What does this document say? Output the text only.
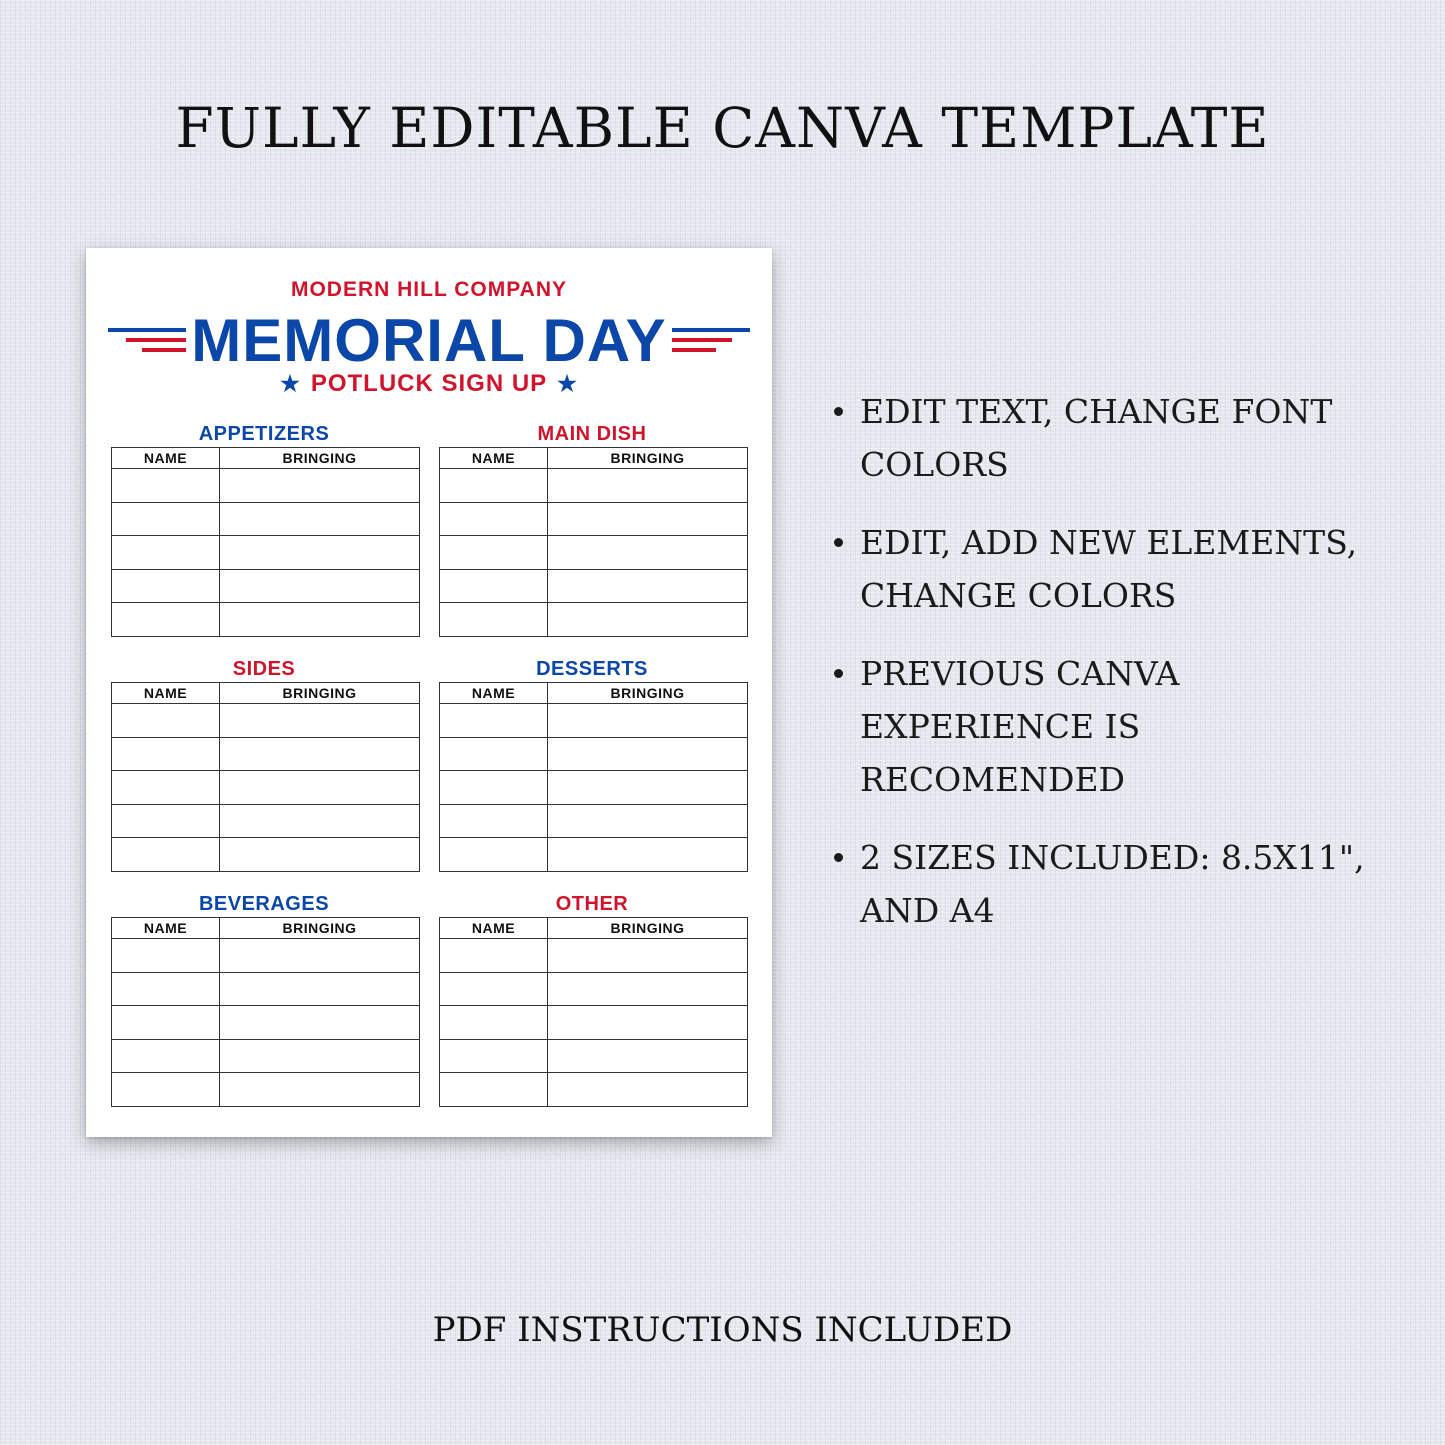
FULLY EDITABLE CANVA TEMPLATE

MODERN HILL COMPANY

MEMORIAL DAY

★ POTLUCK SIGN UP ★

APPETIZERS

NAME	BRINGING

MAIN DISH

NAME	BRINGING

SIDES

NAME	BRINGING

DESSERTS

NAME	BRINGING

BEVERAGES

NAME	BRINGING

OTHER

NAME	BRINGING

EDIT TEXT, CHANGE FONT COLORS
EDIT, ADD NEW ELEMENTS, CHANGE COLORS
PREVIOUS CANVA EXPERIENCE IS RECOMENDED
2 SIZES INCLUDED: 8.5X11", AND A4

PDF INSTRUCTIONS INCLUDED
